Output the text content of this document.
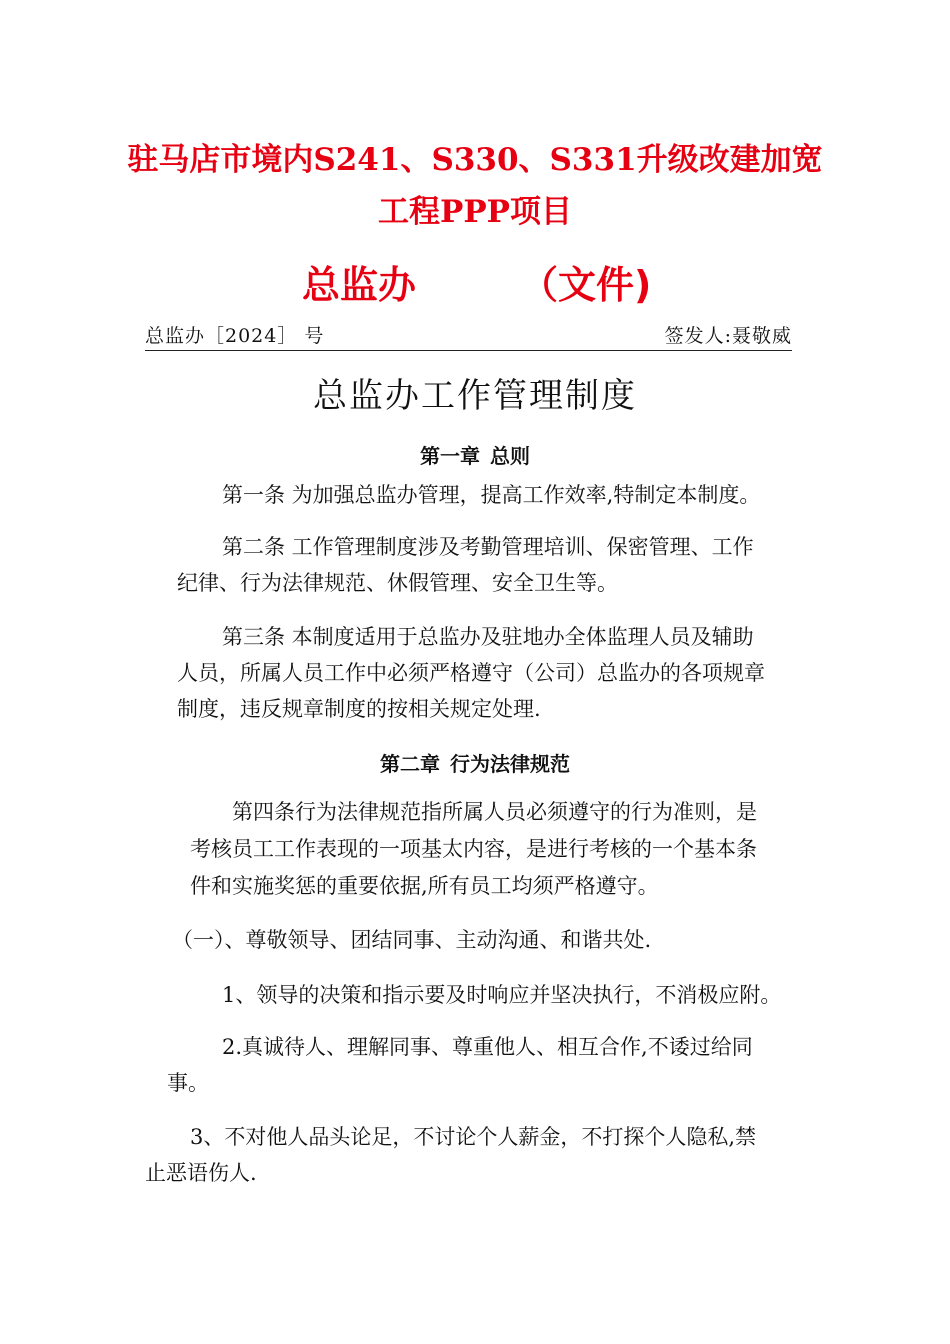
驻马店市境内S241、S330、S331升级改建加宽
工程PPP项目
总监办	（文件)
总监办［2024］ 号	签发人:聂敬威
总监办工作管理制度
第一章 总则
第一条 为加强总监办管理，提高工作效率,特制定本制度。
第二条 工作管理制度涉及考勤管理培训、保密管理、工作
纪律、行为法律规范、休假管理、安全卫生等。
第三条 本制度适用于总监办及驻地办全体监理人员及辅助
人员，所属人员工作中必须严格遵守（公司）总监办的各项规章
制度，违反规章制度的按相关规定处理.
第二章 行为法律规范
第四条行为法律规范指所属人员必须遵守的行为准则，是
考核员工工作表现的一项基太内容，是进行考核的一个基本条
件和实施奖惩的重要依据,所有员工均须严格遵守。
（一）、尊敬领导、团结同事、主动沟通、和谐共处.
1、领导的决策和指示要及时响应并坚决执行，不消极应附。
2.真诚待人、理解同事、尊重他人、相互合作,不诿过给同
事。
3、不对他人品头论足，不讨论个人薪金，不打探个人隐私,禁
止恶语伤人.
